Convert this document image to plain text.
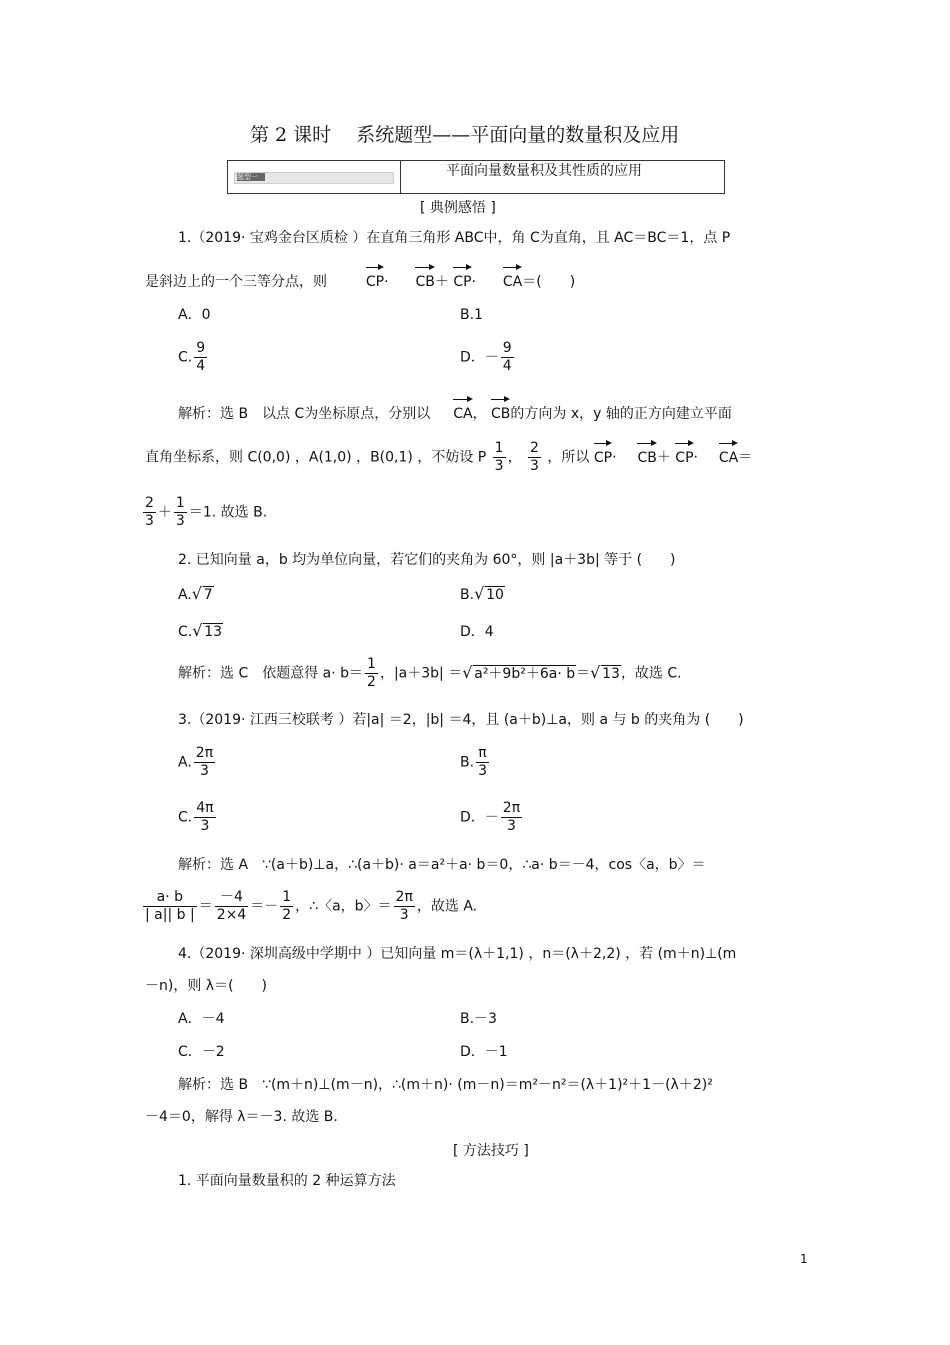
第 2 课时　 系统题型——平面向量的数量积及应用
题型一	平面向量数量积及其性质的应用
[ 典例感悟 ]
1.（2019· 宝鸡金台区质检 ）在直角三角形 ABC中，角 C为直角，且 AC＝BC＝1，点 P
是斜边上的一个三等分点，则	CP· CB＋ CP· CA＝(　　)
A．0	B.1
C. $\frac{9}{4}$	D．－ $\frac{9}{4}$
解析：选 B　以点 C为坐标原点，分别以 CA， CB的方向为 x，y 轴的正方向建立平面
直角坐标系，则 C(0,0) ，A(1,0) ，B(0,1) ，不妨设 P $\frac{1}{3}$ ， $\frac{2}{3}$ ，所以 CP· CB＋ CP· CA＝
$\frac{2}{3} + \frac{1}{3} =1$. 故选 B.
2. 已知向量 a，b 均为单位向量，若它们的夹角为 60°，则 |a＋3b| 等于 (　　)
A. √ 7	B. √ 10
C. √ 13	D．4
解析：选 C　依题意得 $a\cdot b= \frac{1}{2}$ ，|a＋3b| ＝ √ a²＋9b²＋6a· b＝ √ 13，故选 C.
3.（2019· 江西三校联考 ）若|a| ＝2，|b| ＝4，且 (a＋b)⊥a，则 a 与 b 的夹角为 (　　)
A. $\frac{2\pi}{3}$	B. $\frac{\pi}{3}$
C. $\frac{4\pi}{3}$	D．－ $\frac{2\pi}{3}$
解析：选 A　∵(a＋b)⊥a，∴(a＋b)· a＝a²＋a· b＝0，∴a· b＝－4，cos〈a，b〉＝
$\frac{a\cdot b}{| a|| b |} = \frac{-4}{2\times 4} =- \frac{1}{2}$ ，∴〈a，b〉＝ $\frac{2\pi}{3}$ ，故选 A.
4.（2019· 深圳高级中学期中 ）已知向量 m＝(λ＋1,1) ，n＝(λ＋2,2) ，若 (m＋n)⊥(m
－n)，则 λ＝(　　)
A．－4	B.－3
C．－2	D．－1
解析：选 B　∵(m＋n)⊥(m－n)，∴(m＋n)· (m－n)＝m²－n²＝(λ＋1)²＋1－(λ＋2)²
－4＝0，解得 λ＝－3. 故选 B.
[ 方法技巧 ]
1. 平面向量数量积的 2 种运算方法
1
